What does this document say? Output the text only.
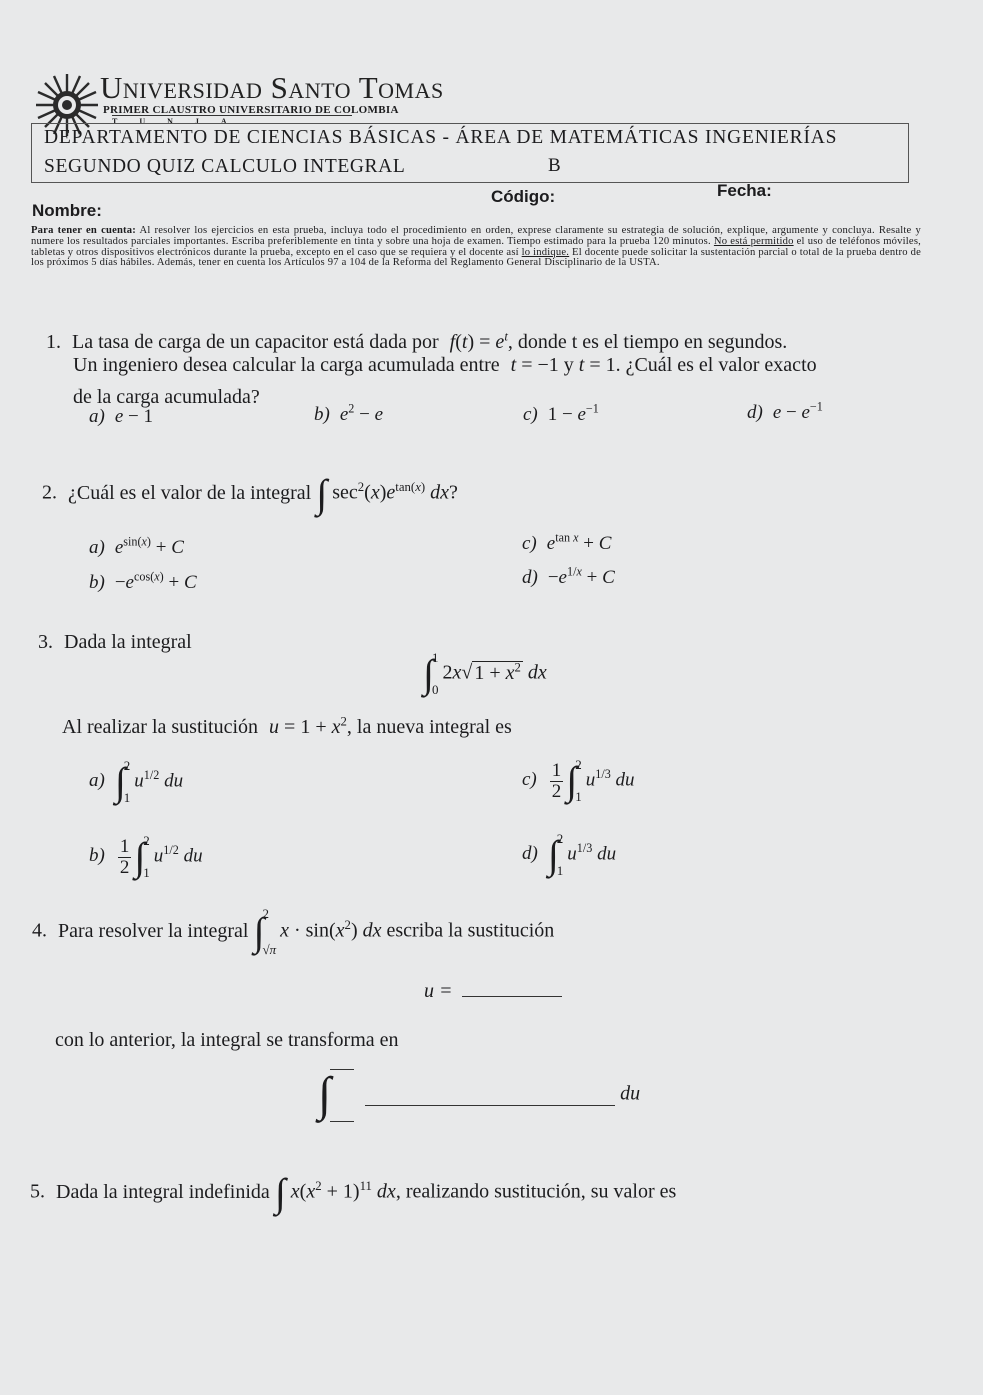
Universidad Santo Tomas
PRIMER CLAUSTRO UNIVERSITARIO DE COLOMBIA
TUNJA
DEPARTAMENTO DE CIENCIAS BÁSICAS - ÁREA DE MATEMÁTICAS INGENIERÍAS
SEGUNDO QUIZ CALCULO INTEGRAL	B
Nombre:
Código:	Fecha:
Para tener en cuenta: Al resolver los ejercicios en esta prueba, incluya todo el procedimiento en orden, exprese claramente su estrategia de solución, explique, argumente y concluya. Resalte y numere los resultados parciales importantes. Escriba preferiblemente en tinta y sobre una hoja de examen. Tiempo estimado para la prueba 120 minutos. No está permitido el uso de teléfonos móviles, tabletas y otros dispositivos electrónicos durante la prueba, excepto en el caso que se requiera y el docente así lo indique. El docente puede solicitar la sustentación parcial o total de la prueba dentro de los próximos 5 días hábiles. Además, tener en cuenta los Artículos 97 a 104 de la Reforma del Reglamento General Disciplinario de la USTA.
1. La tasa de carga de un capacitor está dada por $f(t) = e^t$, donde t es el tiempo en segundos.
Un ingeniero desea calcular la carga acumulada entre t = −1 y t = 1. ¿Cuál es el valor exacto
de la carga acumulada?
a) e − 1	b) $e^2 - e$	c) $1 - e^{-1}$	d) $e - e^{-1}$
2. ¿Cuál es el valor de la integral ∫ $\sec^2(x)e^{tan(x)}$ dx?
a) $e^{sin(x)} + C$
$b) -e^{cos(x)} + C$
c) $e^{tan x} + C$
$d) -e^{1/x} + C$
3. Dada la integral
∫
1
0
2x√ $1 + x^2$ dx
Al realizar la sustitución $u = 1 + x^2$, la nueva integral es
a) ∫
2
1
$u^{1/2}$ du
$b) \frac{1}{2}$ ∫
2
1
$u^{1/2}$ du
$c) \frac{1}{2}$ ∫
2
1
$u^{1/3}$ du
d) ∫
2
1
$u^{1/3}$ du
4. Para resolver la integral ∫
2
√π
$x \cdot \sin(x^2)$ dx escriba la sustitución
u =
con lo anterior, la integral se transforma en
∫	du
5. Dada la integral indefinida ∫ $x(x^2 + 1)^{11}$ dx, realizando sustitución, su valor es
